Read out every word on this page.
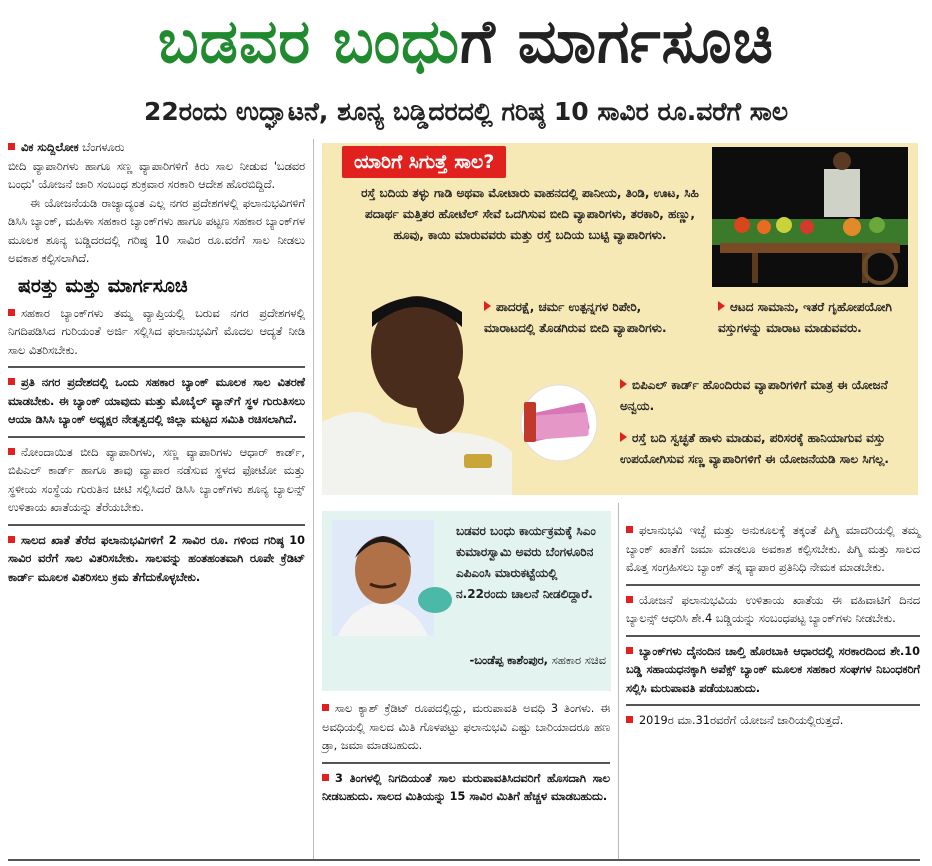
ಬಡವರ ಬಂಧು ಗೆ ಮಾರ್ಗಸೂಚಿ
22ರಂದು ಉದ್ಘಾಟನೆ, ಶೂನ್ಯ ಬಡ್ಡಿದರದಲ್ಲಿ ಗರಿಷ್ಠ 10 ಸಾವಿರ ರೂ.ವರೆಗೆ ಸಾಲ
ವಿಕ ಸುದ್ದಿಲೋಕ ಬೆಂಗಳೂರು
ಬೀದಿ ವ್ಯಾಪಾರಿಗಳು ಹಾಗೂ ಸಣ್ಣ ವ್ಯಾಪಾರಿಗಳಿಗೆ ಕಿರು ಸಾಲ ನೀಡುವ 'ಬಡವರ ಬಂಧು' ಯೋಜನೆ ಜಾರಿ ಸಂಬಂಧ ಶುಕ್ರವಾರ ಸರಕಾರಿ ಆದೇಶ ಹೊರಬಿದ್ದಿದೆ.
ಈ ಯೋಜನೆಯಡಿ ರಾಜ್ಯಾದ್ಯಂತ ಎಲ್ಲ ನಗರ ಪ್ರದೇಶಗಳಲ್ಲಿ ಫಲಾನುಭವಿಗಳಿಗೆ ಡಿಸಿಸಿ ಬ್ಯಾಂಕ್, ಮಹಿಳಾ ಸಹಕಾರ ಬ್ಯಾಂಕ್‌ಗಳು ಹಾಗೂ ಪಟ್ಟಣ ಸಹಕಾರ ಬ್ಯಾಂಕ್‌ಗಳ ಮೂಲಕ ಶೂನ್ಯ ಬಡ್ಡಿದರದಲ್ಲಿ ಗರಿಷ್ಠ 10 ಸಾವಿರ ರೂ.ವರೆಗೆ ಸಾಲ ನೀಡಲು ಅವಕಾಶ ಕಲ್ಪಿಸಲಾಗಿದೆ.
ಷರತ್ತು ಮತ್ತು ಮಾರ್ಗಸೂಚಿ
ಸಹಕಾರ ಬ್ಯಾಂಕ್‌ಗಳು ತಮ್ಮ ವ್ಯಾಪ್ತಿಯಲ್ಲಿ ಬರುವ ನಗರ ಪ್ರದೇಶಗಳಲ್ಲಿ ನಿಗದಿಪಡಿಸಿದ ಗುರಿಯಂತೆ ಅರ್ಜಿ ಸಲ್ಲಿಸಿದ ಫಲಾನುಭವಿಗೆ ಮೊದಲ ಆದ್ಯತೆ ನೀಡಿ ಸಾಲ ವಿತರಿಸಬೇಕು.
ಪ್ರತಿ ನಗರ ಪ್ರದೇಶದಲ್ಲಿ ಒಂದು ಸಹಕಾರ ಬ್ಯಾಂಕ್ ಮೂಲಕ ಸಾಲ ವಿತರಣೆ ಮಾಡಬೇಕು. ಈ ಬ್ಯಾಂಕ್ ಯಾವುದು ಮತ್ತು ಮೊಬೈಲ್ ವ್ಯಾನ್‌ಗೆ ಸ್ಥಳ ಗುರುತಿಸಲು ಆಯಾ ಡಿಸಿಸಿ ಬ್ಯಾಂಕ್ ಅಧ್ಯಕ್ಷರ ನೇತೃತ್ವದಲ್ಲಿ ಜಿಲ್ಲಾ ಮಟ್ಟದ ಸಮಿತಿ ರಚಿಸಲಾಗಿದೆ.
ನೋಂದಾಯಿತ ಬೀದಿ ವ್ಯಾಪಾರಿಗಳು, ಸಣ್ಣ ವ್ಯಾಪಾರಿಗಳು ಆಧಾರ್ ಕಾರ್ಡ್, ಬಿಪಿಎಲ್ ಕಾರ್ಡ್ ಹಾಗೂ ತಾವು ವ್ಯಾಪಾರ ನಡೆಸುವ ಸ್ಥಳದ ಫೋಟೋ ಮತ್ತು ಸ್ಥಳೀಯ ಸಂಸ್ಥೆಯ ಗುರುತಿನ ಚೀಟಿ ಸಲ್ಲಿಸಿದರೆ ಡಿಸಿಸಿ ಬ್ಯಾಂಕ್‌ಗಳು ಶೂನ್ಯ ಬ್ಯಾಲನ್ಸ್ ಉಳಿತಾಯ ಖಾತೆಯನ್ನು ತೆರೆಯಬೇಕು.
ಸಾಲದ ಖಾತೆ ತೆರೆದ ಫಲಾನುಭವಿಗಳಿಗೆ 2 ಸಾವಿರ ರೂ. ಗಳಿಂದ ಗರಿಷ್ಠ 10 ಸಾವಿರ ವರೆಗೆ ಸಾಲ ವಿತರಿಸಬೇಕು. ಸಾಲವನ್ನು ಹಂತಹಂತವಾಗಿ ರೂಪೇ ಕ್ರೆಡಿಟ್ ಕಾರ್ಡ್ ಮೂಲಕ ವಿತರಿಸಲು ಕ್ರಮ ತೆಗೆದುಕೊಳ್ಳಬೇಕು.
ಯಾರಿಗೆ ಸಿಗುತ್ತೆ ಸಾಲ?
ರಸ್ತೆ ಬದಿಯ ತಳ್ಳು ಗಾಡಿ ಅಥವಾ ಮೋಟಾರು ವಾಹನದಲ್ಲಿ ಪಾನೀಯ, ತಿಂಡಿ, ಊಟ, ಸಿಹಿ ಪದಾರ್ಥ ಮತ್ತಿತರ ಹೋಟೆಲ್ ಸೇವೆ ಒದಗಿಸುವ ಬೀದಿ ವ್ಯಾಪಾರಿಗಳು, ತರಕಾರಿ, ಹಣ್ಣು, ಹೂವು, ಕಾಯಿ ಮಾರುವವರು ಮತ್ತು ರಸ್ತೆ ಬದಿಯ ಬುಟ್ಟಿ ವ್ಯಾಪಾರಿಗಳು.
ಪಾದರಕ್ಷೆ, ಚರ್ಮ ಉತ್ಪನ್ನಗಳ ರಿಪೇರಿ, ಮಾರಾಟದಲ್ಲಿ ತೊಡಗಿರುವ ಬೀದಿ ವ್ಯಾಪಾರಿಗಳು.
ಆಟದ ಸಾಮಾನು, ಇತರೆ ಗೃಹೋಪಯೋಗಿ ವಸ್ತುಗಳನ್ನು ಮಾರಾಟ ಮಾಡುವವರು.
ಬಿಪಿಎಲ್ ಕಾರ್ಡ್ ಹೊಂದಿರುವ ವ್ಯಾಪಾರಿಗಳಿಗೆ ಮಾತ್ರ ಈ ಯೋಜನೆ ಅನ್ವಯ.
ರಸ್ತೆ ಬದಿ ಸ್ವಚ್ಛತೆ ಹಾಳು ಮಾಡುವ, ಪರಿಸರಕ್ಕೆ ಹಾನಿಯಾಗುವ ವಸ್ತು ಉಪಯೋಗಿಸುವ ಸಣ್ಣ ವ್ಯಾಪಾರಿಗಳಿಗೆ ಈ ಯೋಜನೆಯಡಿ ಸಾಲ ಸಿಗಲ್ಲ.
ಬಡವರ ಬಂಧು ಕಾರ್ಯಕ್ರಮಕ್ಕೆ ಸಿಎಂ ಕುಮಾರಸ್ವಾಮಿ ಅವರು ಬೆಂಗಳೂರಿನ ಎಪಿಎಂಸಿ ಮಾರುಕಟ್ಟೆಯಲ್ಲಿ ನ.22ರಂದು ಚಾಲನೆ ನೀಡಲಿದ್ದಾರೆ.
-ಬಂಡೆಪ್ಪ ಕಾಶೆಂಪುರ, ಸಹಕಾರ ಸಚಿವ
ಸಾಲ ಕ್ಯಾಶ್ ಕ್ರೆಡಿಟ್ ರೂಪದಲ್ಲಿದ್ದು, ಮರುಪಾವತಿ ಅವಧಿ 3 ತಿಂಗಳು. ಈ ಅವಧಿಯಲ್ಲಿ ಸಾಲದ ಮಿತಿ ಗೊಳಪಟ್ಟು ಫಲಾನುಭವಿ ಎಷ್ಟು ಬಾರಿಯಾದರೂ ಹಣ ಡ್ರಾ, ಜಮಾ ಮಾಡಬಹುದು.
3 ತಿಂಗಳಲ್ಲಿ ನಿಗದಿಯಂತೆ ಸಾಲ ಮರುಪಾವತಿಸಿದವರಿಗೆ ಹೊಸದಾಗಿ ಸಾಲ ನೀಡಬಹುದು. ಸಾಲದ ಮಿತಿಯನ್ನು 15 ಸಾವಿರ ಮಿತಿಗೆ ಹೆಚ್ಚಳ ಮಾಡಬಹುದು.
ಫಲಾನುಭವಿ ಇಚ್ಛೆ ಮತ್ತು ಅನುಕೂಲಕ್ಕೆ ತಕ್ಕಂತೆ ಪಿಗ್ಮಿ ಮಾದರಿಯಲ್ಲಿ ತಮ್ಮ ಬ್ಯಾಂಕ್ ಖಾತೆಗೆ ಜಮಾ ಮಾಡಲೂ ಅವಕಾಶ ಕಲ್ಪಿಸಬೇಕು. ಪಿಗ್ಮಿ ಮತ್ತು ಸಾಲದ ಮೊತ್ತ ಸಂಗ್ರಹಿಸಲು ಬ್ಯಾಂಕ್ ತನ್ನ ವ್ಯಾಪಾರ ಪ್ರತಿನಿಧಿ ನೇಮಕ ಮಾಡಬೇಕು.
ಯೋಜನೆ ಫಲಾನುಭವಿಯ ಉಳಿತಾಯ ಖಾತೆಯ ಈ ವಹಿವಾಟಿಗೆ ದಿನದ ಬ್ಯಾಲನ್ಸ್ ಆಧರಿಸಿ ಶೇ.4 ಬಡ್ಡಿಯನ್ನು ಸಂಬಂಧಪಟ್ಟ ಬ್ಯಾಂಕ್‌ಗಳು ನೀಡಬೇಕು.
ಬ್ಯಾಂಕ್‌ಗಳು ದೈನಂದಿನ ಚಾಲ್ತಿ ಹೊರಬಾಕಿ ಆಧಾರದಲ್ಲಿ ಸರಕಾರದಿಂದ ಶೇ.10 ಬಡ್ಡಿ ಸಹಾಯಧನಕ್ಕಾಗಿ ಅಪೆಕ್ಸ್ ಬ್ಯಾಂಕ್ ಮೂಲಕ ಸಹಕಾರ ಸಂಘಗಳ ನಿಬಂಧಕರಿಗೆ ಸಲ್ಲಿಸಿ ಮರುಪಾವತಿ ಪಡೆಯಬಹುದು.
2019ರ ಮಾ.31ರವರೆಗೆ ಯೋಜನೆ ಜಾರಿಯಲ್ಲಿರುತ್ತದೆ.
